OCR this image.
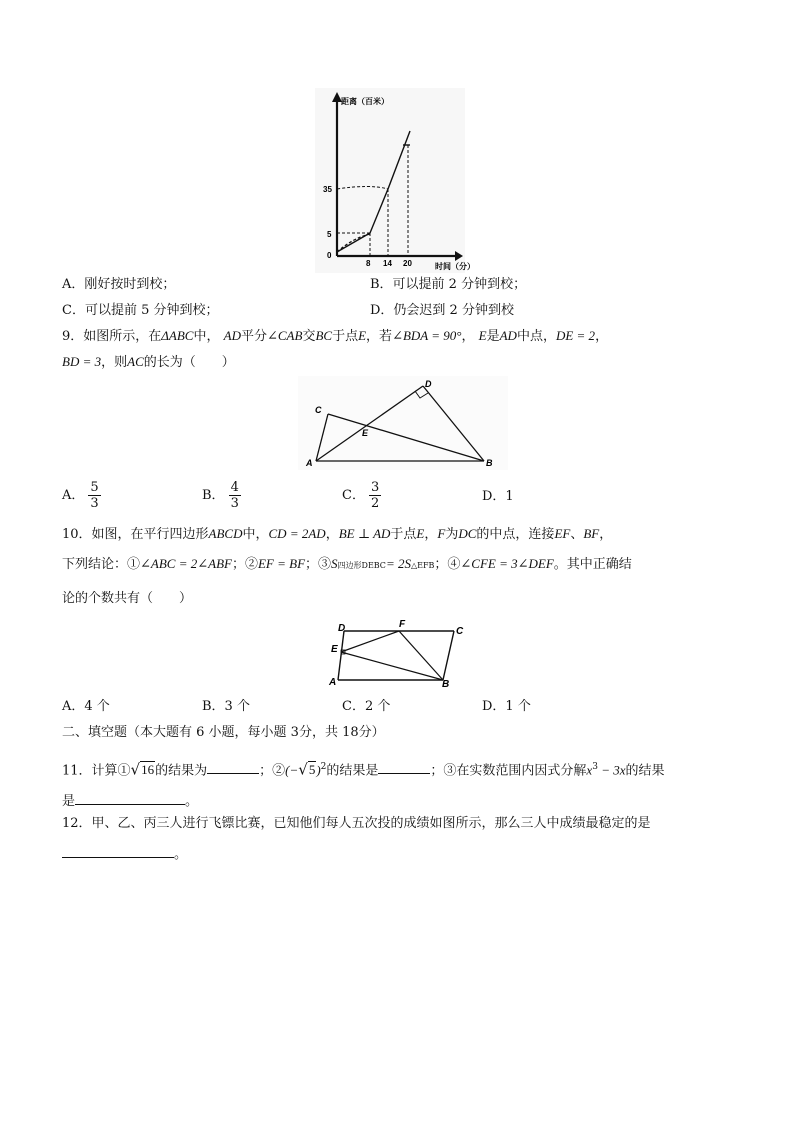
距离（百米）
时间（分）
0
5
35
8 14 20
A．刚好按时到校；	B．可以提前 2 分钟到校；
C．可以提前 5 分钟到校；	D．仍会迟到 2 分钟到校
9．如图所示，在ΔABC中， AD平分∠CAB交BC于点E，若∠BDA = 90°， E是AD中点，DE = 2，
BD = 3，则AC的长为（　　）
A	B
C
D
E
A． $\frac{5}{3}$	B． $\frac{4}{3}$	C． $\frac{3}{2}$	D．1
10．如图，在平行四边形ABCD中，CD = 2AD，BE ⊥ AD于点E，F为DC的中点，连接EF、BF，
下列结论：①∠ABC = 2∠ABF；②EF = BF；③S四边形DEBC= 2S△EFB；④∠CFE = 3∠DEF。其中正确结
论的个数共有（　　）
D	C
F
E
A	B
A．4 个	B．3 个	C．2 个	D．1 个
二、填空题（本大题有 6 小题，每小题 3分，共 18分）
11．计算①√16的结果为	；$②(-√5)^2$的结果是	；③在实数范围内因式分解$x^3 - 3x$的结果
是	。
12．甲、乙、丙三人进行飞镖比赛，已知他们每人五次投的成绩如图所示，那么三人中成绩最稳定的是
。
